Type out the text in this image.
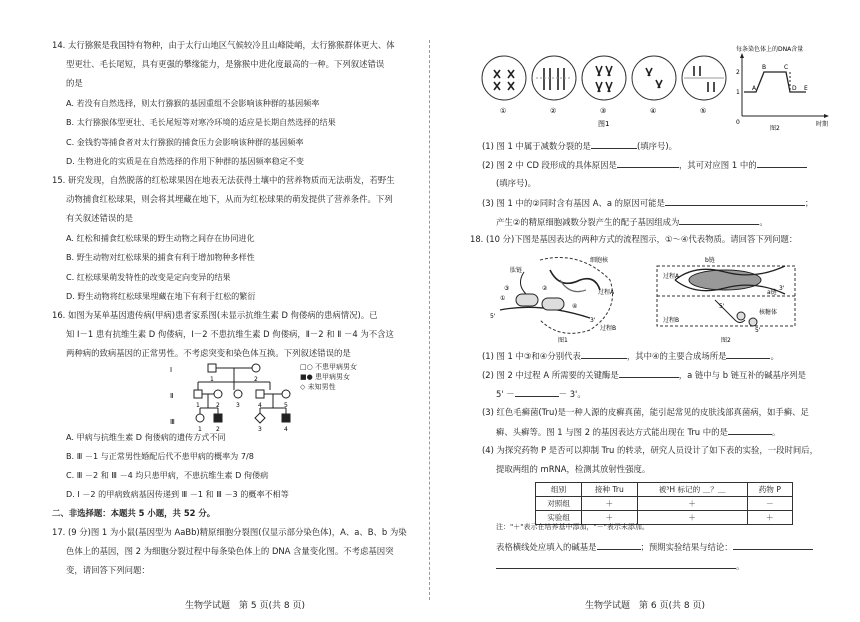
14. 太行猕猴是我国特有物种，由于太行山地区气候较冷且山峰陡峭，太行猕猴群体更大、体
型更壮、毛长尾短，具有更强的攀缘能力，是猕猴中进化度最高的一种。下列叙述错误
的是
A. 若没有自然选择，则太行猕猴的基因重组不会影响该种群的基因频率
B. 太行猕猴体型更壮、毛长尾短等对寒冷环境的适应是长期自然选择的结果
C. 金钱豹等捕食者对太行猕猴的捕食压力会影响该种群的基因频率
D. 生物进化的实质是在自然选择的作用下种群的基因频率稳定不变
15. 研究发现，自然脱落的红松球果因在地表无法获得土壤中的营养物质而无法萌发，若野生
动物捕食红松球果，则会将其埋藏在地下，从而为红松球果的萌发提供了营养条件。下列
有关叙述错误的是
A. 红松和捕食红松球果的野生动物之间存在协同进化
B. 野生动物对红松球果的捕食有利于增加物种多样性
C. 红松球果萌发特性的改变是定向变异的结果
D. 野生动物将红松球果埋藏在地下有利于红松的繁衍
16. 如图为某单基因遗传病(甲病)患者家系图(未显示抗维生素 D 佝偻病的患病情况)。已
知 Ⅰ－1 患有抗维生素 D 佝偻病，Ⅰ－2 不患抗维生素 D 佝偻病，Ⅱ－2 和 Ⅱ －4 为不含这
两种病的致病基因的正常男性。不考虑突变和染色体互换。下列叙述错误的是
Ⅰ
Ⅱ
Ⅲ
1	2
1	2	3	4	5
1 2	3	4
□○ 不患甲病男女
■● 患甲病男女
◇ 未知男性
A. 甲病与抗维生素 D 佝偻病的遗传方式不同
B. Ⅲ －1 与正常男性婚配后代不患甲病的概率为 7/8
C. Ⅲ －2 和 Ⅲ －4 均只患甲病，不患抗维生素 D 佝偻病
D. Ⅰ －2 的甲病致病基因传递到 Ⅲ －1 和 Ⅲ －3 的概率不相等
二、非选择题：本题共 5 小题，共 52 分。
17. (9 分)图 1 为小鼠(基因型为 AaBb)精原细胞分裂图(仅显示部分染色体)，A、a、B、b 为染
色体上的基因，图 2 为细胞分裂过程中每条染色体上的 DNA 含量变化图。不考虑基因突
变，请回答下列问题：
生物学试题　第 5 页(共 8 页)
①	②	③	④	⑤
图1
每条染色体上的DNA含量
2
1
A
B	C
D E
0	时期
图2
(1) 图 1 中属于减数分裂的是	(填序号)。
(2) 图 2 中 CD 段形成的具体原因是	，其可对应图 1 中的
(填序号)。
(3) 图 1 中的②同时含有基因 A、a 的原因可能是	；
产生②的精原细胞减数分裂产生的配子基因组成为	。
18. (10 分)下图是基因表达的两种方式的流程图示，①～④代表物质。请回答下列问题：
肽链
细胞核
过程A
过程B
①
②
③
④
5'
3'
图1
b链
a链
过程A
过程B
核糖体
5'
3'
5'
图2
(1) 图 1 中③和④分别代表	，其中④的主要合成场所是	。
(2) 图 2 中过程 A 所需要的关键酶是	，a 链中与 b 链互补的碱基序列是
5' －	－ 3'。
(3) 红色毛癣菌(Tru)是一种人源的皮癣真菌，能引起常见的皮肤浅部真菌病，如手癣、足
癣、头癣等。图 1 与图 2 的基因表达方式能出现在 Tru 中的是	。
(4) 为探究药物 P 是否可以抑制 Tru 的转录，研究人员设计了如下表的实验，一段时间后，
提取两组的 mRNA，检测其放射性强度。
组别	接种 Tru	被³H 标记的 ＿？＿	药物 P
对照组	＋	＋	－
实验组	＋	＋	＋
注："＋"表示在培养基中添加，"－"表示未添加。
表格横线处应填入的碱基是	；预期实验结果与结论：
。
生物学试题　第 6 页(共 8 页)
